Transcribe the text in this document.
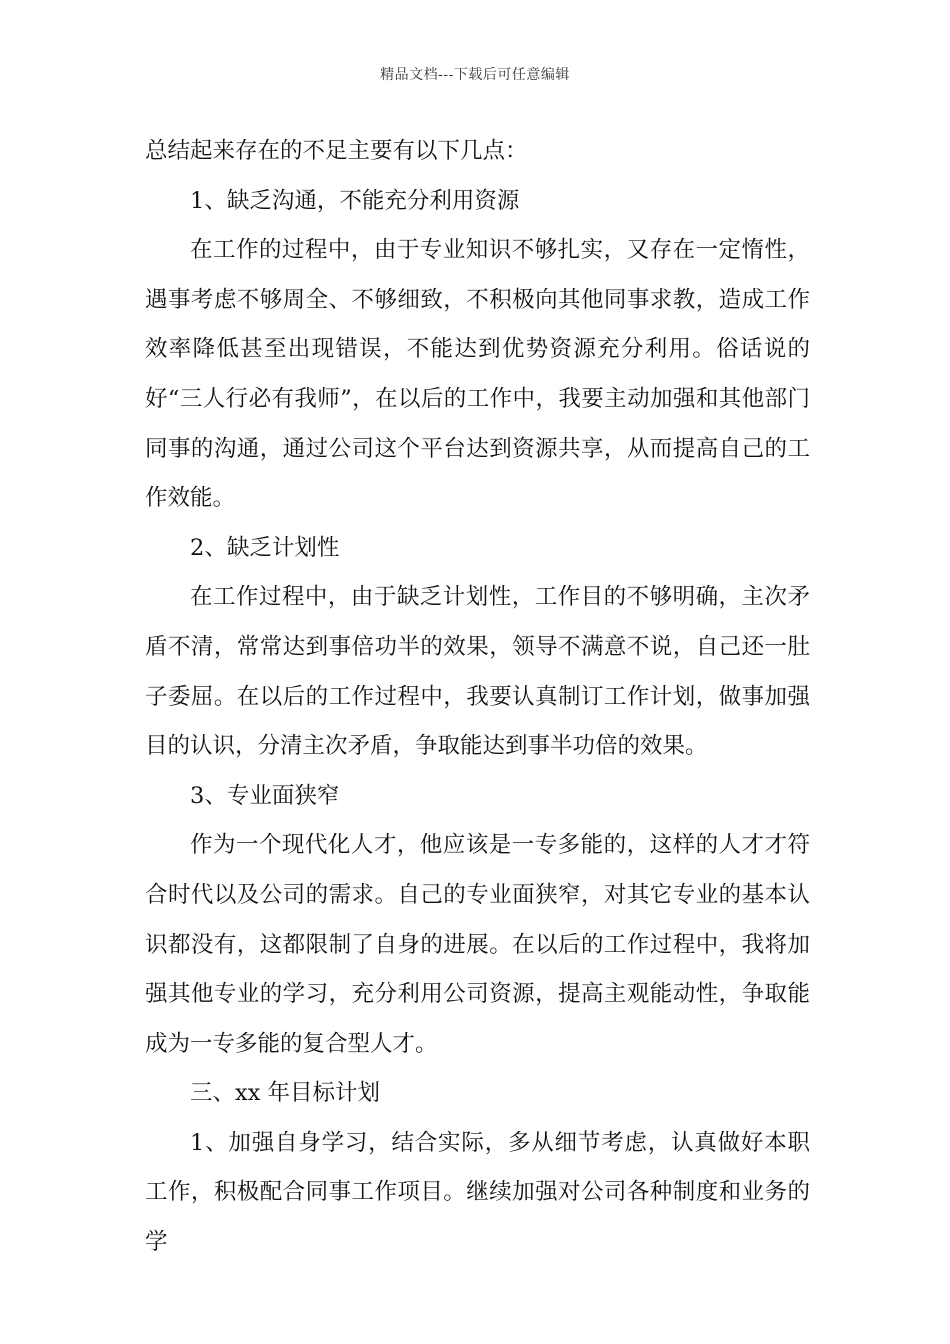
精品文档---下载后可任意编辑

总结起来存在的不足主要有以下几点：

1、缺乏沟通，不能充分利用资源

在工作的过程中，由于专业知识不够扎实，又存在一定惰性，遇事考虑不够周全、不够细致，不积极向其他同事求教，造成工作效率降低甚至出现错误，不能达到优势资源充分利用。俗话说的好“三人行必有我师”，在以后的工作中，我要主动加强和其他部门同事的沟通，通过公司这个平台达到资源共享，从而提高自己的工作效能。

2、缺乏计划性

在工作过程中，由于缺乏计划性，工作目的不够明确，主次矛盾不清，常常达到事倍功半的效果，领导不满意不说，自己还一肚子委屈。在以后的工作过程中，我要认真制订工作计划，做事加强目的认识，分清主次矛盾，争取能达到事半功倍的效果。

3、专业面狭窄

作为一个现代化人才，他应该是一专多能的，这样的人才才符合时代以及公司的需求。自己的专业面狭窄，对其它专业的基本认识都没有，这都限制了自身的进展。在以后的工作过程中，我将加强其他专业的学习，充分利用公司资源，提高主观能动性，争取能成为一专多能的复合型人才。

三、xx 年目标计划

1、加强自身学习，结合实际，多从细节考虑，认真做好本职工作，积极配合同事工作项目。继续加强对公司各种制度和业务的学
